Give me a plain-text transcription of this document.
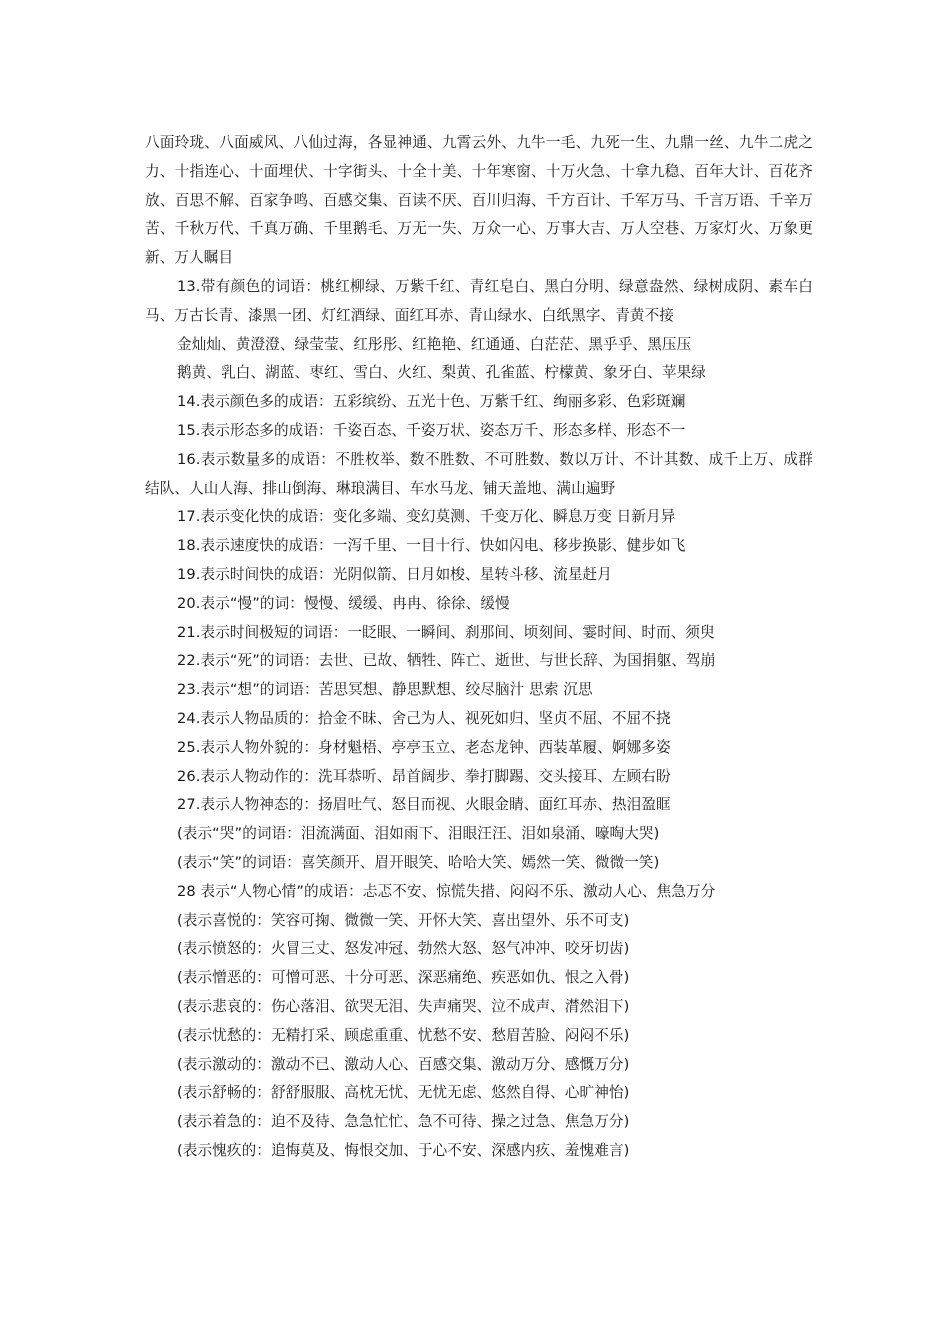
八面玲珑、八面威风、八仙过海，各显神通、九霄云外、九牛一毛、九死一生、九鼎一丝、九牛二虎之力、十指连心、十面埋伏、十字街头、十全十美、十年寒窗、十万火急、十拿九稳、百年大计、百花齐放、百思不解、百家争鸣、百感交集、百读不厌、百川归海、千方百计、千军万马、千言万语、千辛万苦、千秋万代、千真万确、千里鹅毛、万无一失、万众一心、万事大吉、万人空巷、万家灯火、万象更新、万人瞩目

13.带有颜色的词语：桃红柳绿、万紫千红、青红皂白、黑白分明、绿意盎然、绿树成阴、素车白马、万古长青、漆黑一团、灯红酒绿、面红耳赤、青山绿水、白纸黑字、青黄不接

金灿灿、黄澄澄、绿莹莹、红彤彤、红艳艳、红通通、白茫茫、黑乎乎、黑压压

鹅黄、乳白、湖蓝、枣红、雪白、火红、梨黄、孔雀蓝、柠檬黄、象牙白、苹果绿

14.表示颜色多的成语：五彩缤纷、五光十色、万紫千红、绚丽多彩、色彩斑斓

15.表示形态多的成语：千姿百态、千姿万状、姿态万千、形态多样、形态不一

16.表示数量多的成语：不胜枚举、数不胜数、不可胜数、数以万计、不计其数、成千上万、成群结队、人山人海、排山倒海、琳琅满目、车水马龙、铺天盖地、满山遍野

17.表示变化快的成语：变化多端、变幻莫测、千变万化、瞬息万变 日新月异

18.表示速度快的成语：一泻千里、一目十行、快如闪电、移步换影、健步如飞

19.表示时间快的成语：光阴似箭、日月如梭、星转斗移、流星赶月

20.表示“慢”的词：慢慢、缓缓、冉冉、徐徐、缓慢

21.表示时间极短的词语：一眨眼、一瞬间、刹那间、顷刻间、霎时间、时而、须臾

22.表示“死”的词语：去世、已故、牺牲、阵亡、逝世、与世长辞、为国捐躯、驾崩

23.表示“想”的词语：苦思冥想、静思默想、绞尽脑汁 思索 沉思

24.表示人物品质的：拾金不昧、舍己为人、视死如归、坚贞不屈、不屈不挠

25.表示人物外貌的：身材魁梧、亭亭玉立、老态龙钟、西装革履、婀娜多姿

26.表示人物动作的：洗耳恭听、昂首阔步、拳打脚踢、交头接耳、左顾右盼

27.表示人物神态的：扬眉吐气、怒目而视、火眼金睛、面红耳赤、热泪盈眶

(表示“哭”的词语：泪流满面、泪如雨下、泪眼汪汪、泪如泉涌、嚎啕大哭)

(表示“笑”的词语：喜笑颜开、眉开眼笑、哈哈大笑、嫣然一笑、微微一笑)

28 表示“人物心情”的成语：忐忑不安、惊慌失措、闷闷不乐、激动人心、焦急万分

(表示喜悦的：笑容可掬、微微一笑、开怀大笑、喜出望外、乐不可支)

(表示愤怒的：火冒三丈、怒发冲冠、勃然大怒、怒气冲冲、咬牙切齿)

(表示憎恶的：可憎可恶、十分可恶、深恶痛绝、疾恶如仇、恨之入骨)

(表示悲哀的：伤心落泪、欲哭无泪、失声痛哭、泣不成声、潸然泪下)

(表示忧愁的：无精打采、顾虑重重、忧愁不安、愁眉苦脸、闷闷不乐)

(表示激动的：激动不已、激动人心、百感交集、激动万分、感慨万分)

(表示舒畅的：舒舒服服、高枕无忧、无忧无虑、悠然自得、心旷神怡)

(表示着急的：迫不及待、急急忙忙、急不可待、操之过急、焦急万分)

(表示愧疚的：追悔莫及、悔恨交加、于心不安、深感内疚、羞愧难言)
